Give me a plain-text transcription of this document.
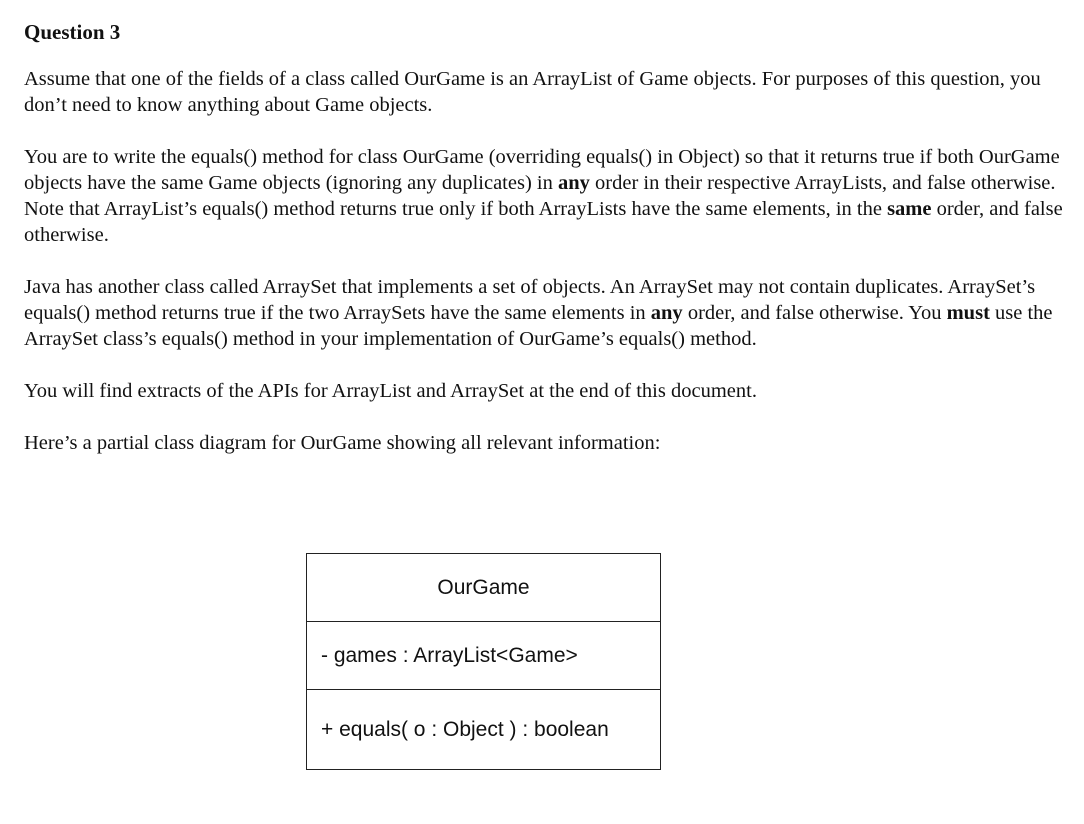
Question 3

Assume that one of the fields of a class called OurGame is an ArrayList of Game objects. For purposes of this question, you don’t need to know anything about Game objects.

You are to write the equals() method for class OurGame (overriding equals() in Object) so that it returns true if both OurGame objects have the same Game objects (ignoring any duplicates) in any order in their respective ArrayLists, and false otherwise. Note that ArrayList’s equals() method returns true only if both ArrayLists have the same elements, in the same order, and false otherwise.

Java has another class called ArraySet that implements a set of objects. An ArraySet may not contain duplicates. ArraySet’s equals() method returns true if the two ArraySets have the same elements in any order, and false otherwise. You must use the ArraySet class’s equals() method in your implementation of OurGame’s equals() method.

You will find extracts of the APIs for ArrayList and ArraySet at the end of this document.

Here’s a partial class diagram for OurGame showing all relevant information:

OurGame
- games : ArrayList<Game>
+ equals( o : Object ) : boolean
